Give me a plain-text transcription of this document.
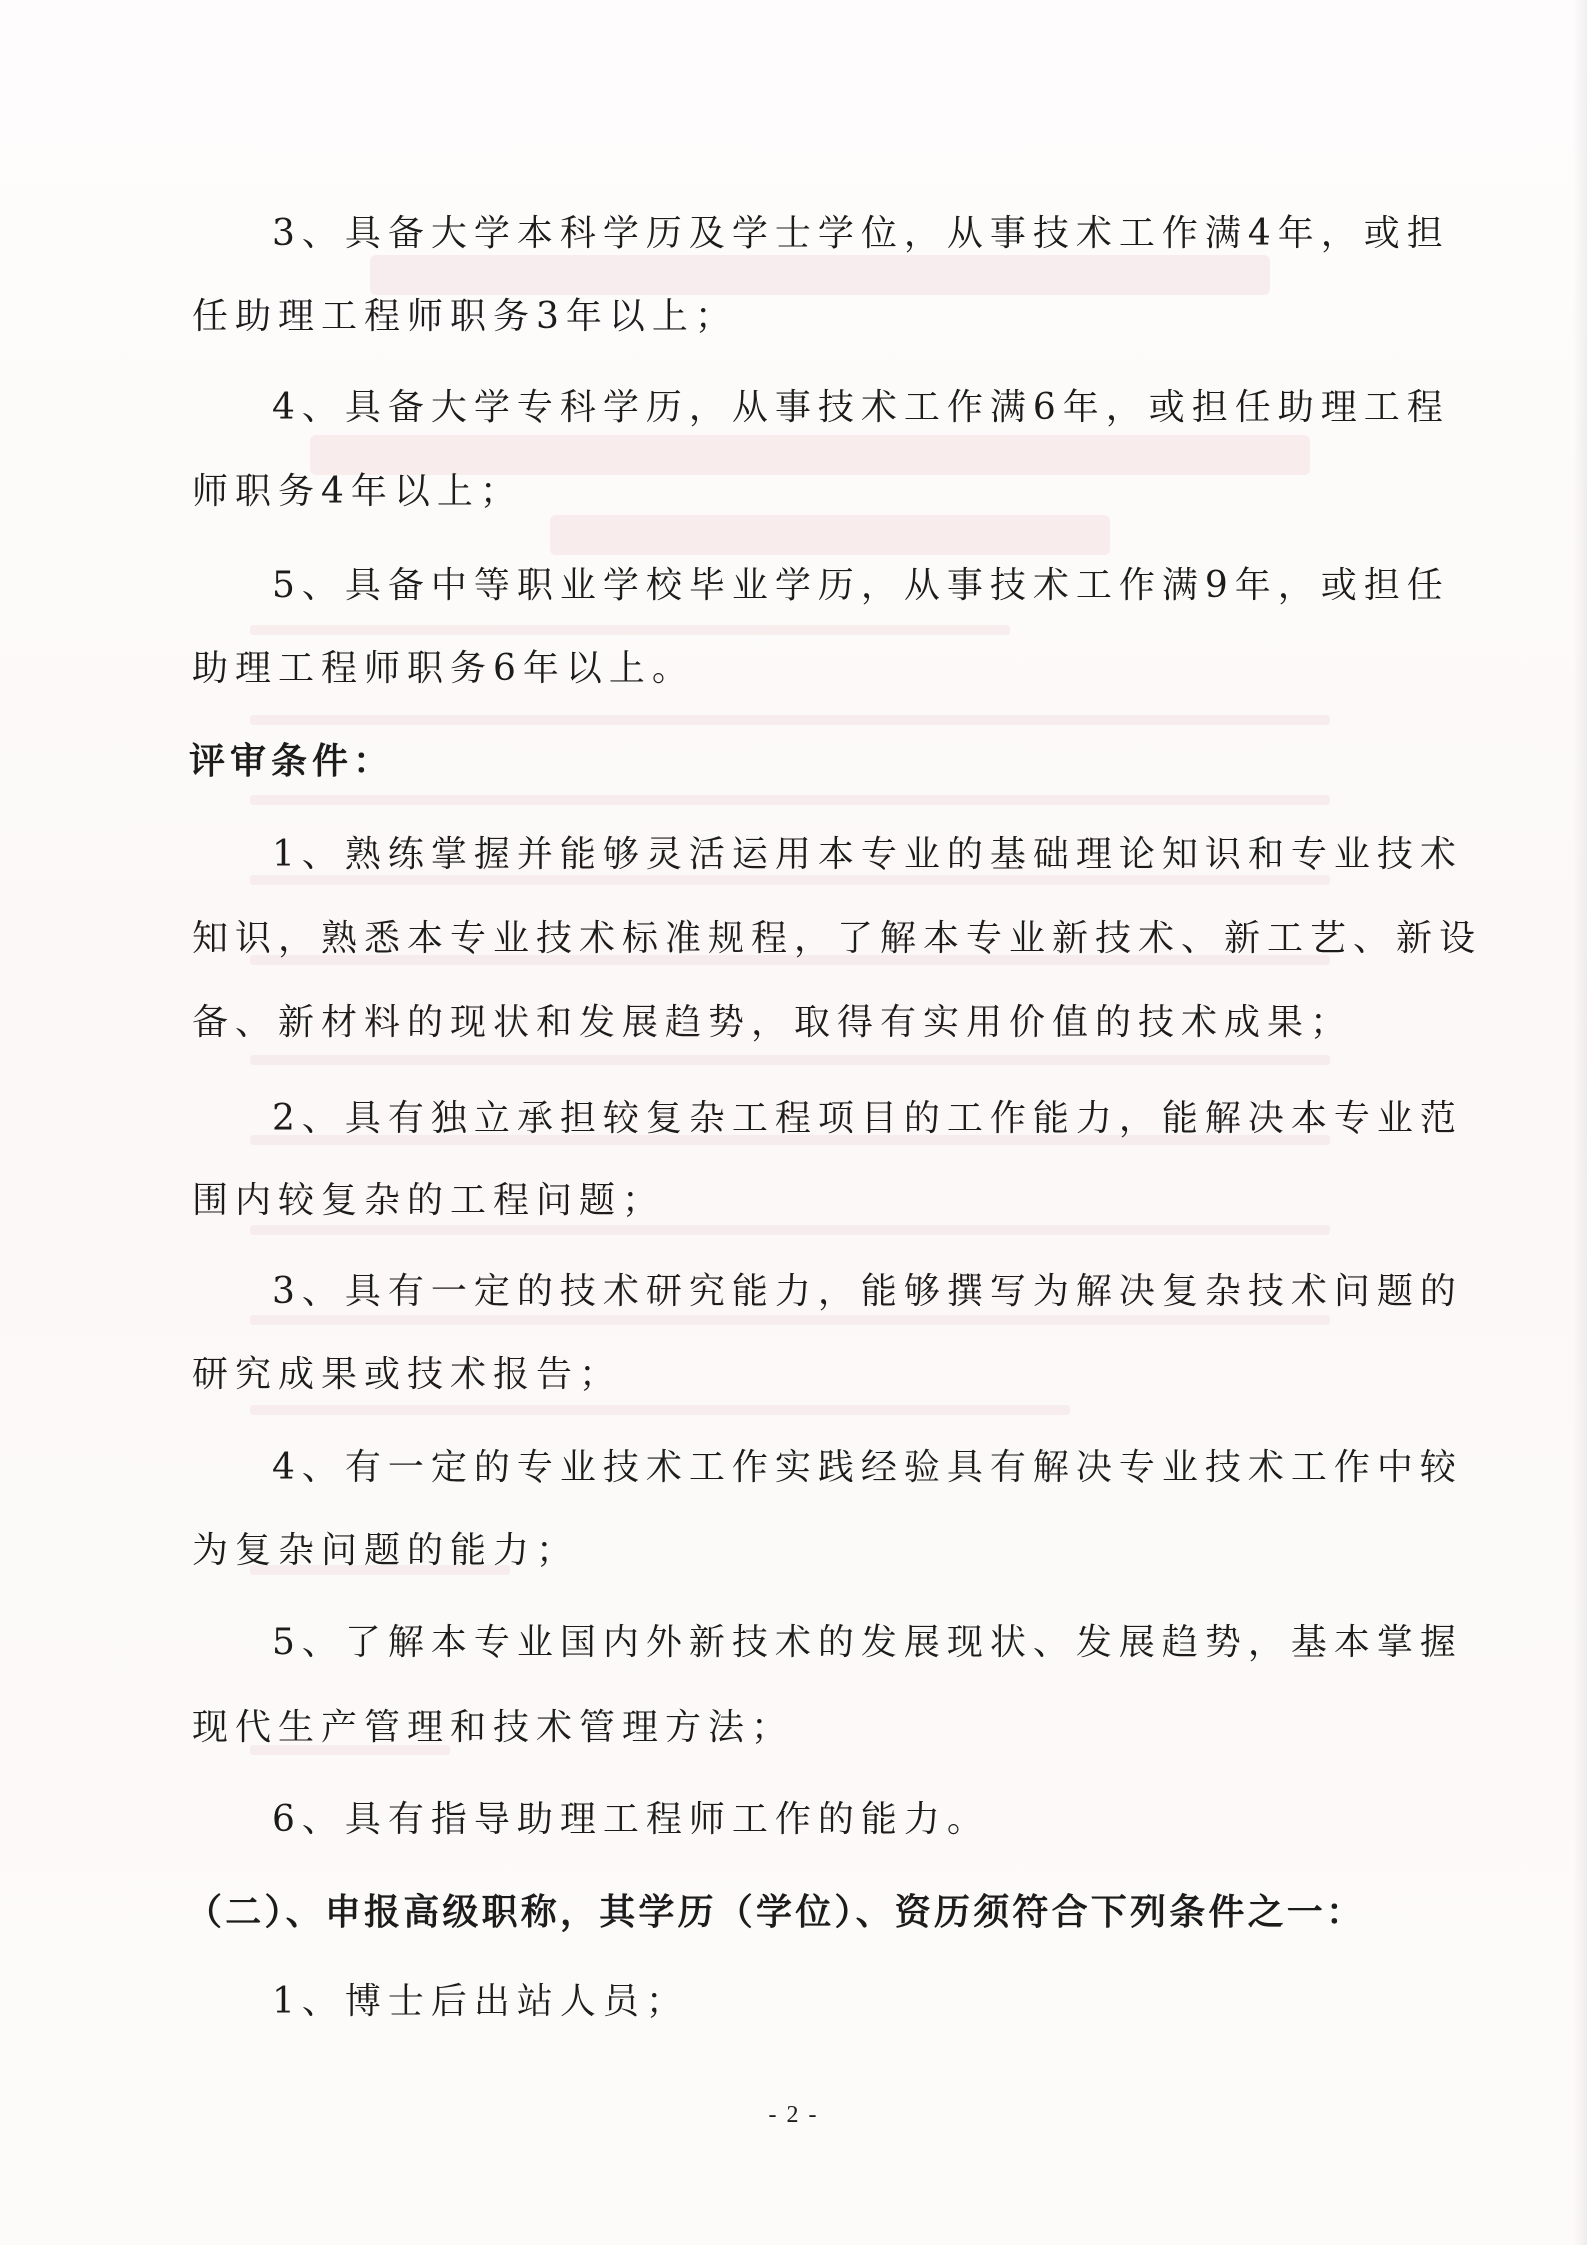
3、具备大学本科学历及学士学位，从事技术工作满4年，或担
任助理工程师职务3年以上；
4、具备大学专科学历，从事技术工作满6年，或担任助理工程
师职务4年以上；
5、具备中等职业学校毕业学历，从事技术工作满9年，或担任
助理工程师职务6年以上。
评审条件：
1、熟练掌握并能够灵活运用本专业的基础理论知识和专业技术
知识，熟悉本专业技术标准规程，了解本专业新技术、新工艺、新设
备、新材料的现状和发展趋势，取得有实用价值的技术成果；
2、具有独立承担较复杂工程项目的工作能力，能解决本专业范
围内较复杂的工程问题；
3、具有一定的技术研究能力，能够撰写为解决复杂技术问题的
研究成果或技术报告；
4、有一定的专业技术工作实践经验具有解决专业技术工作中较
为复杂问题的能力；
5、了解本专业国内外新技术的发展现状、发展趋势，基本掌握
现代生产管理和技术管理方法；
6、具有指导助理工程师工作的能力。
（二）、申报高级职称，其学历（学位）、资历须符合下列条件之一：
1、博士后出站人员；
- 2 -
